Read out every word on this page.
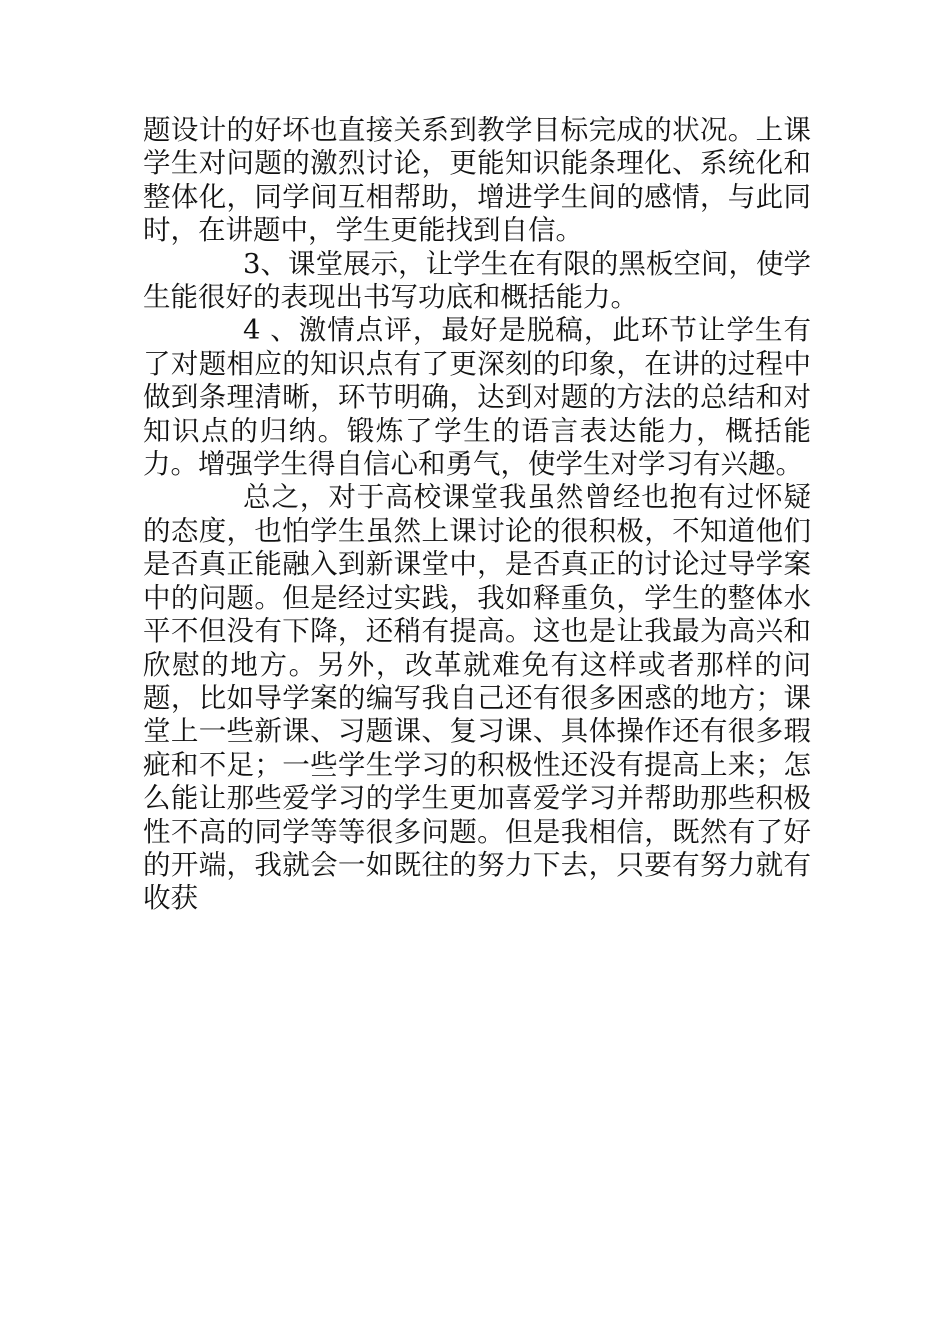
题设计的好坏也直接关系到教学目标完成的状况。上课学生对问题的激烈讨论，更能知识能条理化、系统化和整体化，同学间互相帮助，增进学生间的感情，与此同时，在讲题中，学生更能找到自信。

3、课堂展示，让学生在有限的黑板空间，使学生能很好的表现出书写功底和概括能力。

4 、激情点评，最好是脱稿，此环节让学生有了对题相应的知识点有了更深刻的印象，在讲的过程中做到条理清晰，环节明确，达到对题的方法的总结和对知识点的归纳。锻炼了学生的语言表达能力，概括能力。增强学生得自信心和勇气，使学生对学习有兴趣。

总之，对于高校课堂我虽然曾经也抱有过怀疑的态度，也怕学生虽然上课讨论的很积极，不知道他们是否真正能融入到新课堂中，是否真正的讨论过导学案中的问题。但是经过实践，我如释重负，学生的整体水平不但没有下降，还稍有提高。这也是让我最为高兴和欣慰的地方。另外，改革就难免有这样或者那样的问题，比如导学案的编写我自己还有很多困惑的地方；课堂上一些新课、习题课、复习课、具体操作还有很多瑕疵和不足；一些学生学习的积极性还没有提高上来；怎么能让那些爱学习的学生更加喜爱学习并帮助那些积极性不高的同学等等很多问题。但是我相信，既然有了好的开端，我就会一如既往的努力下去，只要有努力就有收获
